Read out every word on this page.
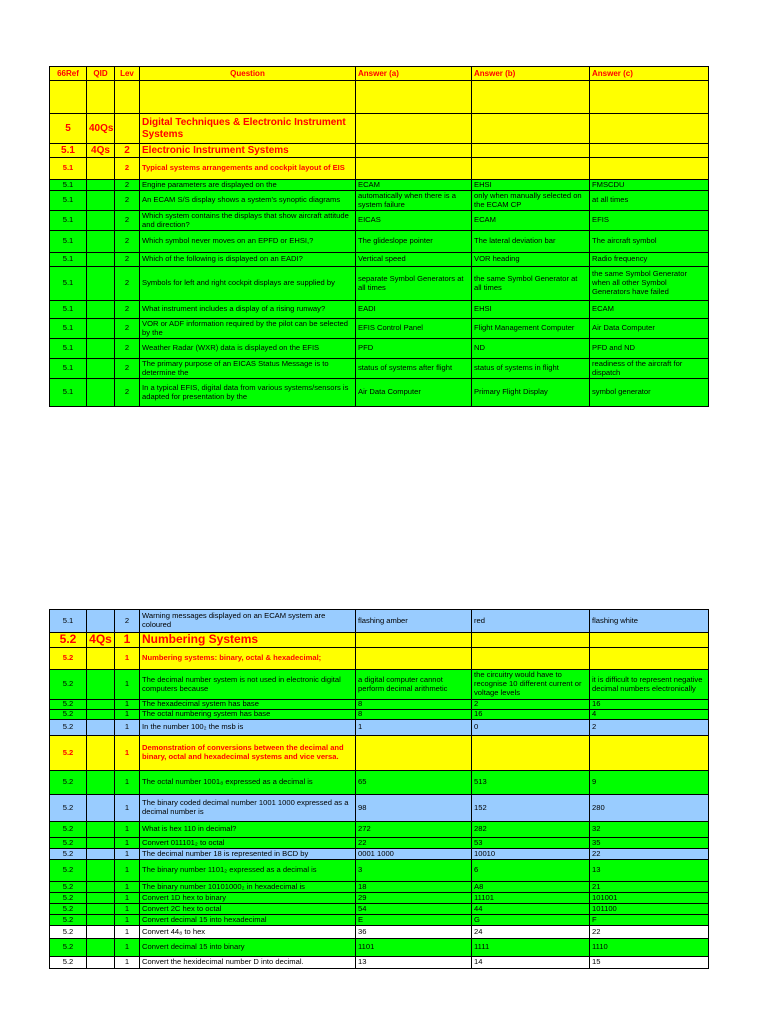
66Ref	QID	Lev	Question	Answer (a)	Answer (b)	Answer (c)

5	40Qs		Digital Techniques & Electronic Instrument Systems			
5.1	4Qs	2	Electronic Instrument Systems			
5.1		2	Typical systems arrangements and cockpit layout of EIS			
5.1		2	Engine parameters are displayed on the	ECAM	EHSI	FMSCDU
5.1		2	An ECAM S/S display shows a system's synoptic diagrams	automatically when there is a system failure	only when manually selected on the ECAM CP	at all times
5.1		2	Which system contains the displays that show aircraft attitude and direction?	EICAS	ECAM	EFIS
5.1		2	Which symbol never moves on an EPFD or EHSI,?	The glideslope pointer	The lateral deviation bar	The aircraft symbol
5.1		2	Which of the following is displayed on an EADI?	Vertical speed	VOR heading	Radio frequency
5.1		2	Symbols for left and right cockpit displays are supplied by	separate Symbol Generators at all times	the same Symbol Generator at all times	the same Symbol Generator when all other Symbol Generators have failed
5.1		2	What instrument includes a display of a rising runway?	EADI	EHSI	ECAM
5.1		2	VOR or ADF information required by the pilot can be selected by the	EFIS Control Panel	Flight Management Computer	Air Data Computer
5.1		2	Weather Radar (WXR) data is displayed on the EFIS	PFD	ND	PFD and ND
5.1		2	The primary purpose of an EICAS Status Message is to determine the	status of systems after flight	status of systems in flight	readiness of the aircraft for dispatch
5.1		2	In a typical EFIS, digital data from various systems/sensors is adapted for presentation by the	Air Data Computer	Primary Flight Display	symbol generator
5.1		2	Warning messages displayed on an ECAM system are coloured	flashing amber	red	flashing white
5.2	4Qs	1	Numbering Systems			
5.2		1	Numbering systems: binary, octal & hexadecimal;			
5.2		1	The decimal number system is not used in electronic digital computers because	a digital computer cannot perform decimal arithmetic	the circuitry would have to recognise 10 different current or voltage levels	it is difficult to represent negative decimal numbers electronically
5.2		1	The hexadecimal system has base	8	2	16
5.2		1	The octal numbering system has base	8	16	4
5.2		1	In the number 100₂ the msb is	1	0	2
5.2		1	Demonstration of conversions between the decimal and binary, octal and hexadecimal systems and vice versa.			
5.2		1	The octal number 1001₈ expressed as a decimal is	65	513	9
5.2		1	The binary coded decimal number 1001 1000 expressed as a decimal number is	98	152	280
5.2		1	What is hex 110 in decimal?	272	282	32
5.2		1	Convert 011101₂ to octal	22	53	35
5.2		1	The decimal number 18 is represented in BCD by	0001 1000	10010	22
5.2		1	The binary number 1101₂ expressed as a decimal is	3	6	13
5.2		1	The binary number 10101000₂ in hexadecimal is	18	A8	21
5.2		1	Convert 1D hex to binary	29	11101	101001
5.2		1	Convert 2C hex to octal	54	44	101100
5.2		1	Convert decimal 15 into hexadecimal	E	G	F
5.2		1	Convert 44₈ to hex	36	24	22
5.2		1	Convert decimal 15 into binary	1101	1111	1110
5.2		1	Convert the hexidecimal number D into decimal.	13	14	15
